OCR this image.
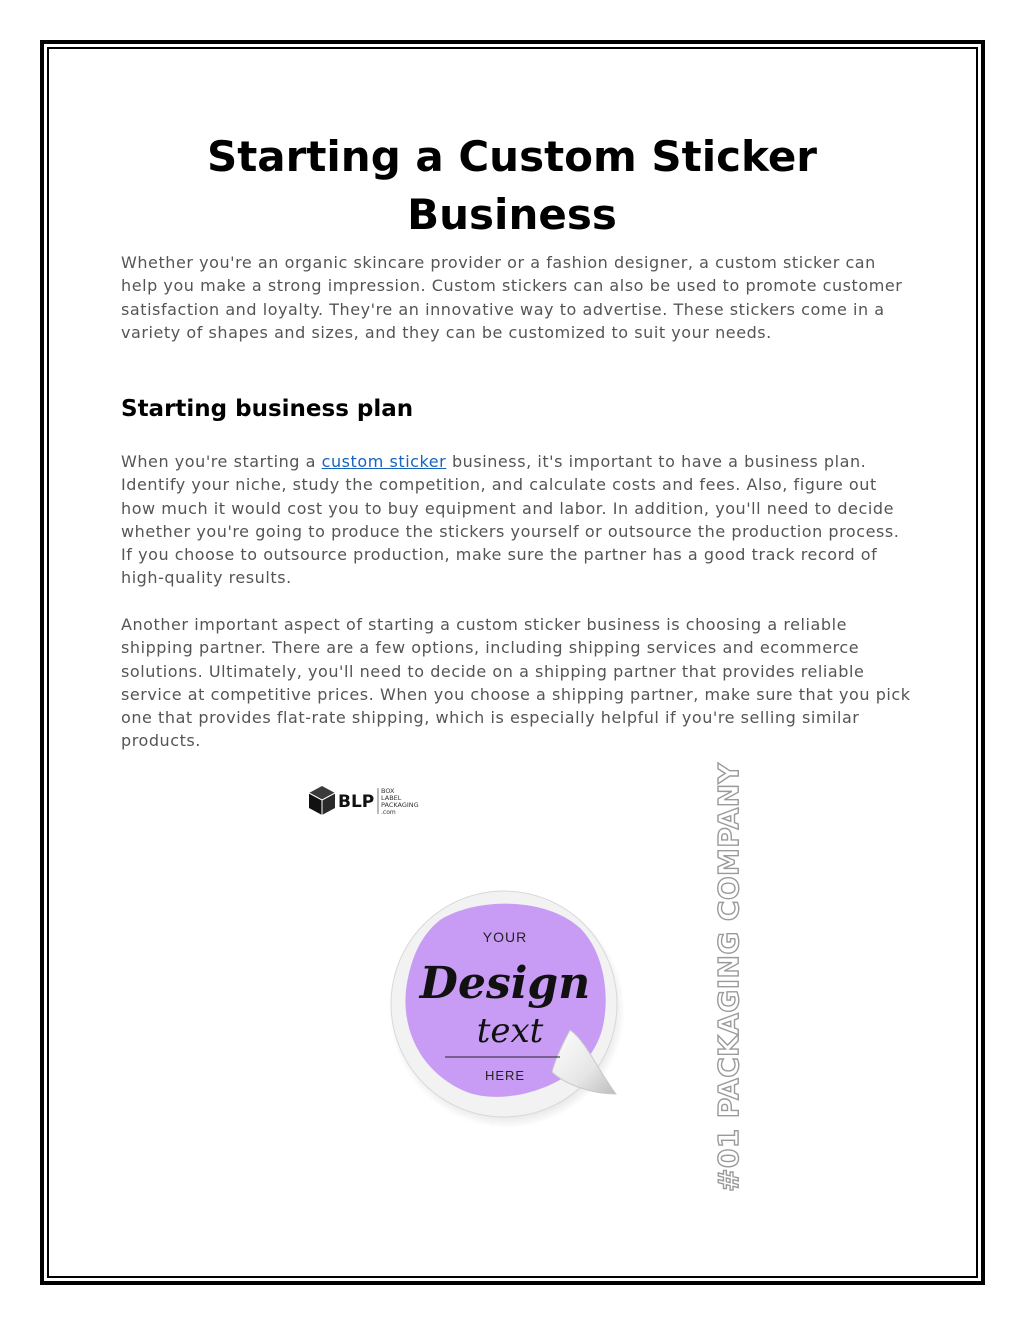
Starting a Custom Sticker Business

Whether you're an organic skincare provider or a fashion designer, a custom sticker can help you make a strong impression. Custom stickers can also be used to promote customer satisfaction and loyalty. They're an innovative way to advertise. These stickers come in a variety of shapes and sizes, and they can be customized to suit your needs.

Starting business plan

When you're starting a custom sticker business, it's important to have a business plan. Identify your niche, study the competition, and calculate costs and fees. Also, figure out how much it would cost you to buy equipment and labor. In addition, you'll need to decide whether you're going to produce the stickers yourself or outsource the production process. If you choose to outsource production, make sure the partner has a good track record of high-quality results.

Another important aspect of starting a custom sticker business is choosing a reliable shipping partner. There are a few options, including shipping services and ecommerce solutions. Ultimately, you'll need to decide on a shipping partner that provides reliable service at competitive prices. When you choose a shipping partner, make sure that you pick one that provides flat-rate shipping, which is especially helpful if you're selling similar products.

BLP
BOX
LABEL
PACKAGING
.com
YOUR
Design
text
HERE	#01 PACKAGING COMPANY
